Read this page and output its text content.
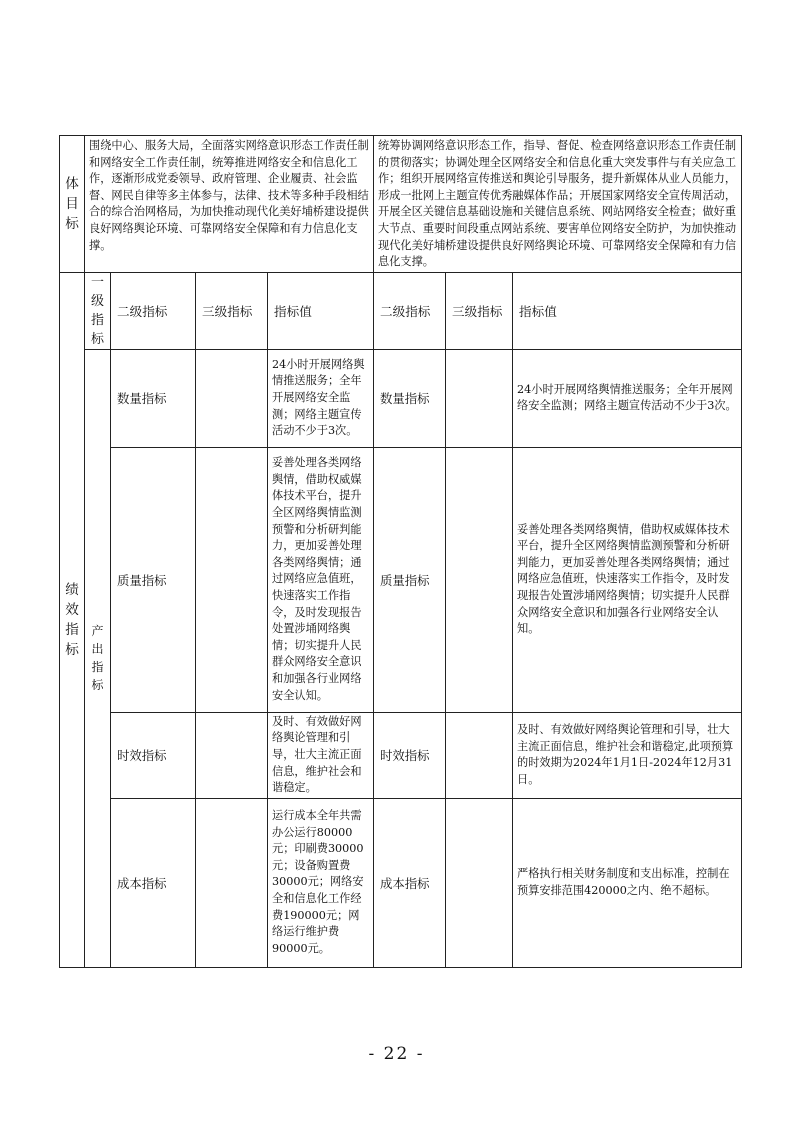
体目标	围绕中心、服务大局，全面落实网络意识形态工作责任制和网络安全工作责任制，统筹推进网络安全和信息化工作，逐渐形成党委领导、政府管理、企业履责、社会监督、网民自律等多主体参与，法律、技术等多种手段相结合的综合治网格局，为加快推动现代化美好埔桥建设提供良好网络舆论环境、可靠网络安全保障和有力信息化支撑。				统筹协调网络意识形态工作，指导、督促、检查网络意识形态工作责任制的贯彻落实；协调处理全区网络安全和信息化重大突发事件与有关应急工作；组织开展网络宣传推送和舆论引导服务，提升新媒体从业人员能力，形成一批网上主题宣传优秀融媒体作品；开展国家网络安全宣传周活动，开展全区关键信息基础设施和关键信息系统、网站网络安全检查；做好重大节点、重要时间段重点网站系统、要害单位网络安全防护，为加快推动现代化美好埔桥建设提供良好网络舆论环境、可靠网络安全保障和有力信息化支撑。		

绩效指标	一级指标	二级指标	三级指标	指标值	二级指标	三级指标	指标值

	产出指标	数量指标		24小时开展网络舆情推送服务；全年开展网络安全监测；网络主题宣传活动不少于3次。	数量指标		24小时开展网络舆情推送服务；全年开展网络安全监测；网络主题宣传活动不少于3次。
		质量指标		妥善处理各类网络舆情，借助权威媒体技术平台，提升全区网络舆情监测预警和分析研判能力，更加妥善处理各类网络舆情；通过网络应急值班，快速落实工作指令，及时发现报告处置涉埇网络舆情；切实提升人民群众网络安全意识和加强各行业网络安全认知。	质量指标		妥善处理各类网络舆情，借助权威媒体技术平台，提升全区网络舆情监测预警和分析研判能力，更加妥善处理各类网络舆情；通过网络应急值班，快速落实工作指令，及时发现报告处置涉埇网络舆情；切实提升人民群众网络安全意识和加强各行业网络安全认知。
		时效指标		及时、有效做好网络舆论管理和引导，壮大主流正面信息，维护社会和谐稳定。	时效指标		及时、有效做好网络舆论管理和引导，壮大主流正面信息，维护社会和谐稳定,此项预算的时效期为2024年1月1日-2024年12月31日。
		成本指标		运行成本全年共需办公运行80000元；印刷费30000元；设备购置费30000元；网络安全和信息化工作经费190000元；网络运行维护费90000元。	成本指标		严格执行相关财务制度和支出标准，控制在预算安排范围420000之内、绝不超标。
- 22 -
